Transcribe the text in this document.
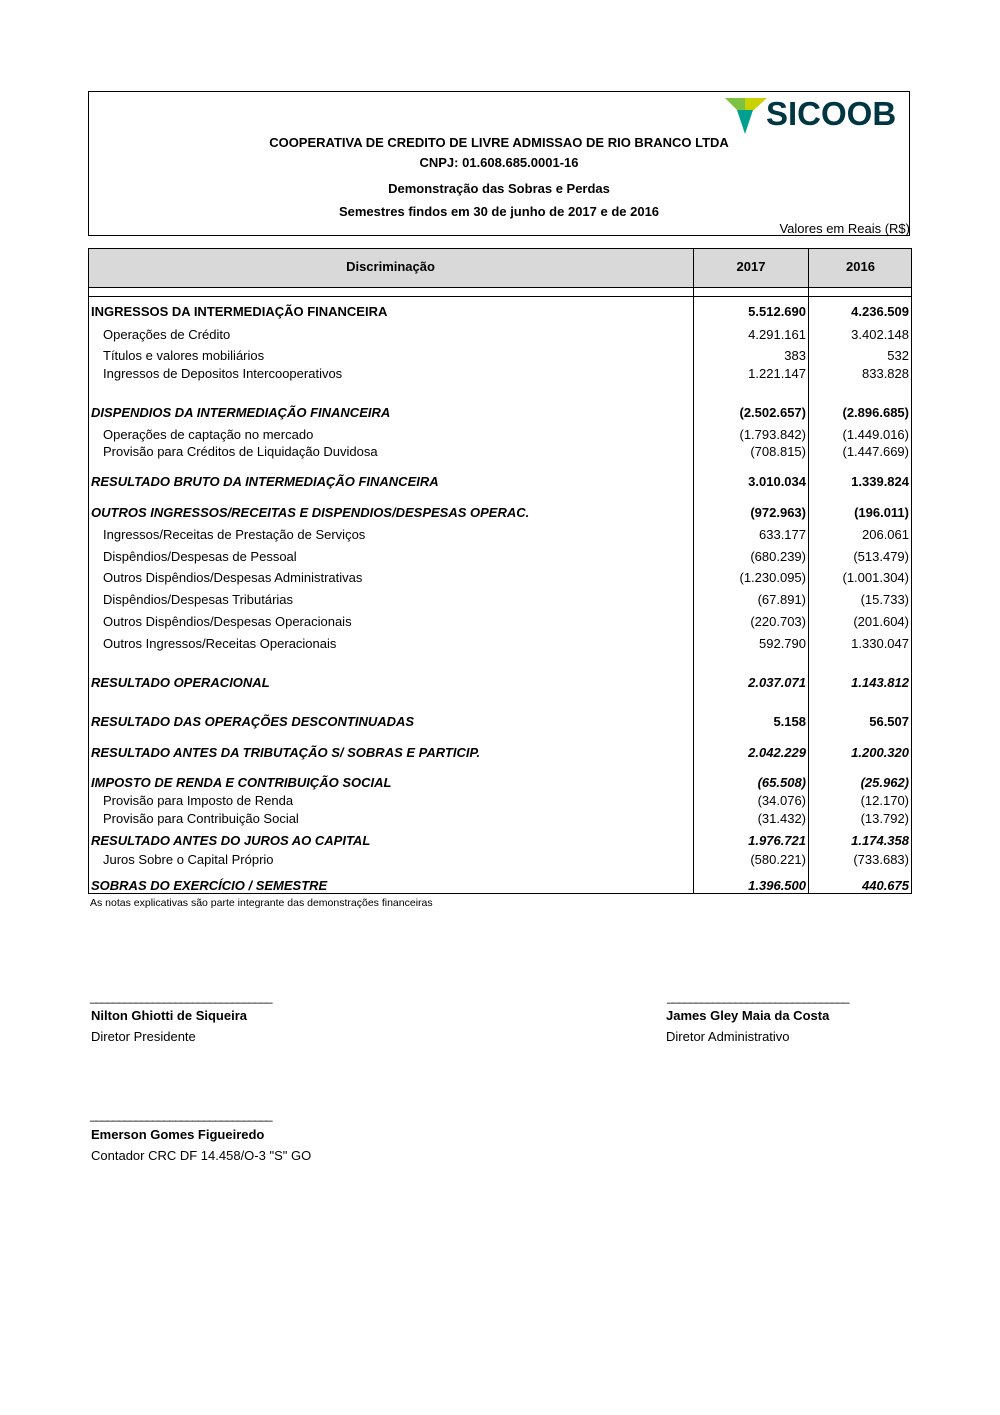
SICOOB
COOPERATIVA DE CREDITO DE LIVRE ADMISSAO DE RIO BRANCO LTDA
CNPJ: 01.608.685.0001-16
Demonstração das Sobras e Perdas
Semestres findos em 30 de junho de 2017 e de 2016
Valores em Reais (R$)
Discriminação	2017	2016
INGRESSOS DA INTERMEDIAÇÃO FINANCEIRA	5.512.690	4.236.509
Operações de Crédito	4.291.161	3.402.148
Títulos e valores mobiliários	383	532
Ingressos de Depositos Intercooperativos	1.221.147	833.828
DISPENDIOS DA INTERMEDIAÇÃO FINANCEIRA	(2.502.657)	(2.896.685)
Operações de captação no mercado	(1.793.842)	(1.449.016)
Provisão para Créditos de Liquidação Duvidosa	(708.815)	(1.447.669)
RESULTADO BRUTO DA INTERMEDIAÇÃO FINANCEIRA	3.010.034	1.339.824
OUTROS INGRESSOS/RECEITAS E DISPENDIOS/DESPESAS OPERAC.	(972.963)	(196.011)
Ingressos/Receitas de Prestação de Serviços	633.177	206.061
Dispêndios/Despesas de Pessoal	(680.239)	(513.479)
Outros Dispêndios/Despesas Administrativas	(1.230.095)	(1.001.304)
Dispêndios/Despesas Tributárias	(67.891)	(15.733)
Outros Dispêndios/Despesas Operacionais	(220.703)	(201.604)
Outros Ingressos/Receitas Operacionais	592.790	1.330.047
RESULTADO OPERACIONAL	2.037.071	1.143.812
RESULTADO DAS OPERAÇÕES DESCONTINUADAS	5.158	56.507
RESULTADO ANTES DA TRIBUTAÇÃO S/ SOBRAS E PARTICIP.	2.042.229	1.200.320
IMPOSTO DE RENDA E CONTRIBUIÇÃO SOCIAL	(65.508)	(25.962)
Provisão para Imposto de Renda	(34.076)	(12.170)
Provisão para Contribuição Social	(31.432)	(13.792)
RESULTADO ANTES DO JUROS AO CAPITAL	1.976.721	1.174.358
Juros Sobre o Capital Próprio	(580.221)	(733.683)
SOBRAS DO EXERCÍCIO / SEMESTRE	1.396.500	440.675
As notas explicativas são parte integrante das demonstrações financeiras
________________________________
Nilton Ghiotti de Siqueira
Diretor Presidente
________________________________
James Gley Maia da Costa
Diretor Administrativo
________________________________
Emerson Gomes Figueiredo
Contador CRC DF 14.458/O-3 "S" GO
